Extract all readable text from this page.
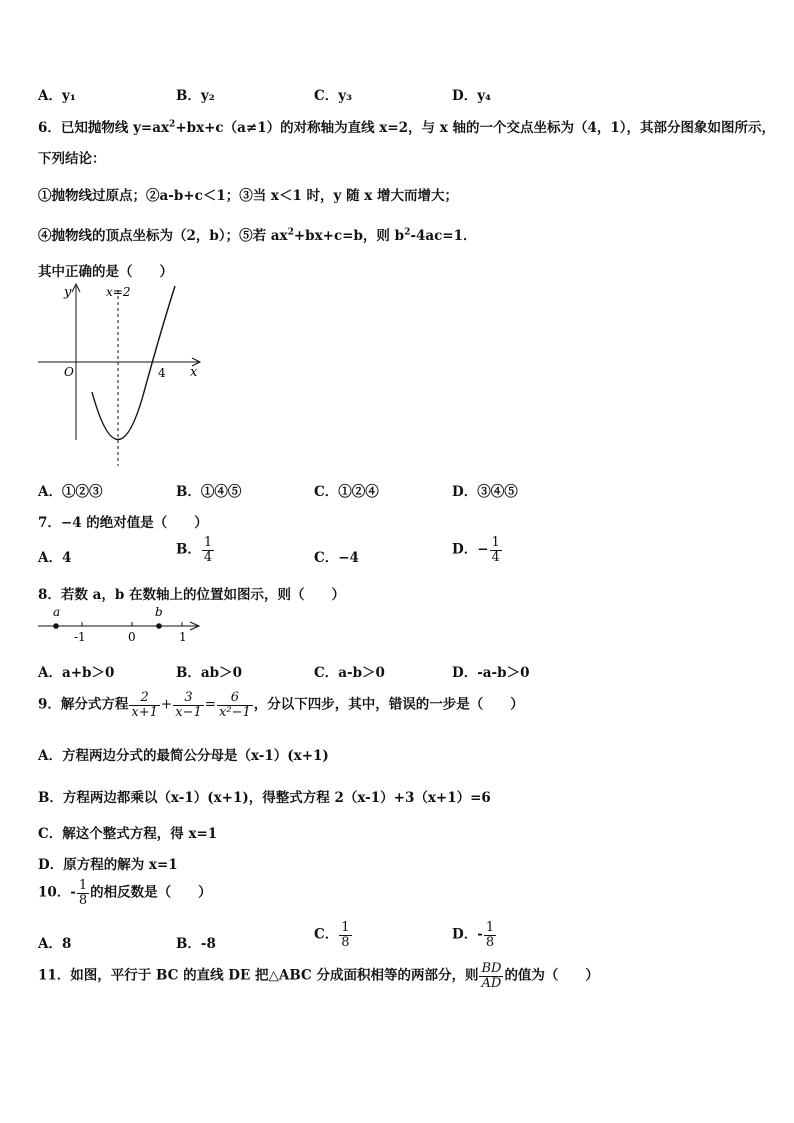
A．y₁	B．y₂	C．y₃	D．y₄
6．已知抛物线 $y=ax^2+bx+c(a\ne 1)$的对称轴为直线 x=2，与 x 轴的一个交点坐标为（4，1），其部分图象如图所示，
下列结论：
①抛物线过原点；②a-b+c＜1；③当 x＜1 时，y 随 x 增大而增大；
④抛物线的顶点坐标为（2，b）；⑤若 $ax^2+bx+c=b$，则 $b^2-4ac=1$．
其中正确的是（　　）
y	x=2
O	4 x
A．①②③	B．①④⑤	C．①②④	D．③④⑤
7．−4 的绝对值是（　　）
A．4
B． $\frac{1}{4}$	C．−4
D．− $\frac{1}{4}$
8．若数 a，b 在数轴上的位置如图示，则（　　）
a	b
-1	0	1
A．a+b＞0	B．ab＞0	C．a-b＞0	D．-a-b＞0
9．解分式方程 $\frac{2}{x+1} + \frac{3}{x-1} = \frac{6}{\text{x²−1}}$ ，分以下四步，其中，错误的一步是（　　）
A．方程两边分式的最简公分母是（x-1）(x+1)
B．方程两边都乘以（x-1）(x+1)，得整式方程 2（x-1）+3（x+1）=6
C．解这个整式方程，得 x=1
D．原方程的解为 x=1
10．- $\frac{1}{8}$ 的相反数是（　　）
A．8	B．-8
C． $\frac{1}{8}$	D．- $\frac{1}{8}$
11．如图，平行于 BC 的直线 DE 把△ABC 分成面积相等的两部分，则 $\frac{BD}{AD}$ 的值为（　　）
